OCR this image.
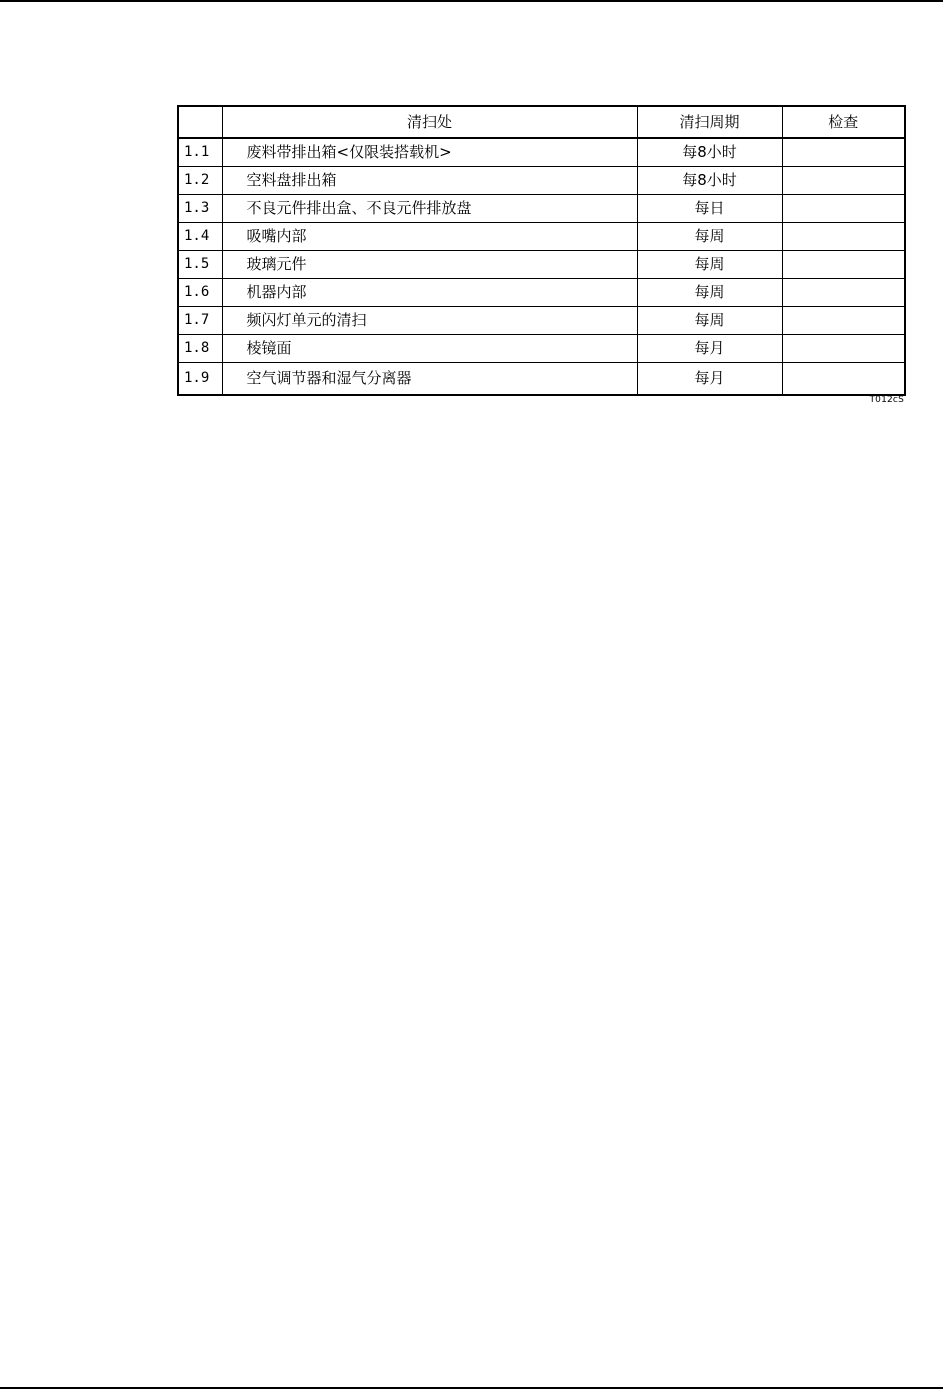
	清扫处	清扫周期	检查
1.1	废料带排出箱<仅限装搭载机>	每8小时	
1.2	空料盘排出箱	每8小时	
1.3	不良元件排出盒、不良元件排放盘	每日	
1.4	吸嘴内部	每周	
1.5	玻璃元件	每周	
1.6	机器内部	每周	
1.7	频闪灯单元的清扫	每周	
1.8	棱镜面	每月	
1.9	空气调节器和湿气分离器	每月	
T012cS
